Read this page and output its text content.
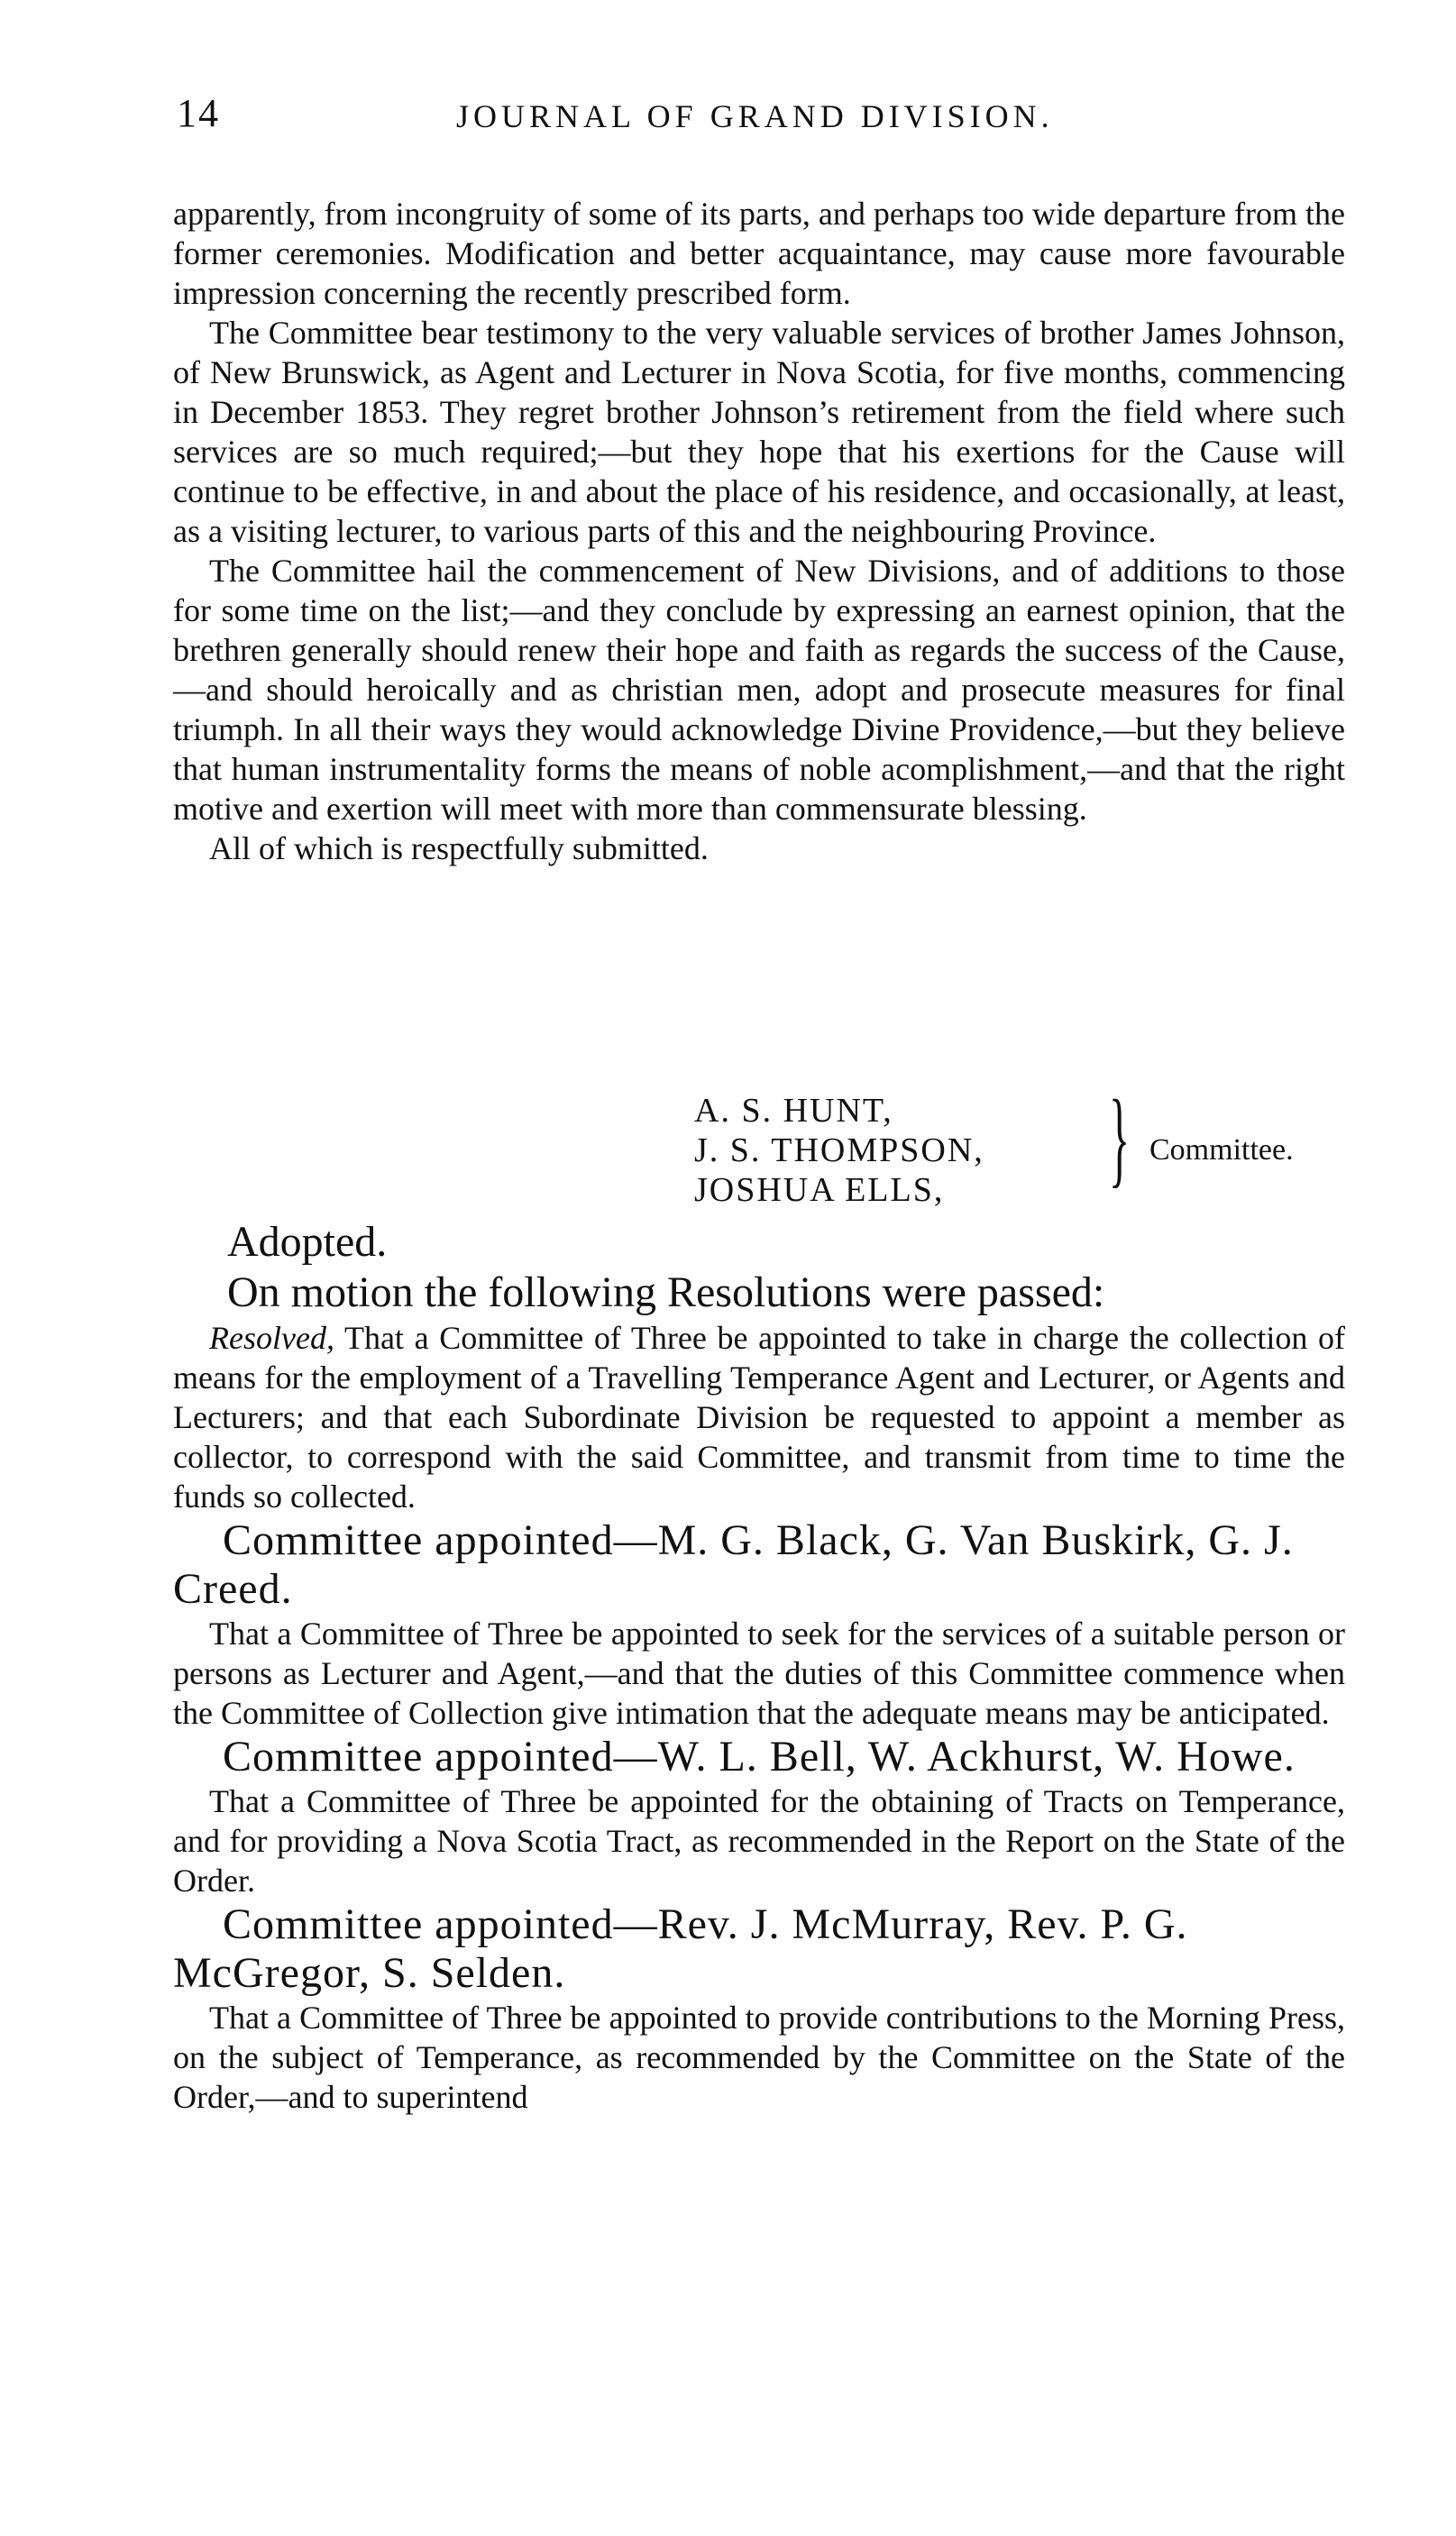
14	JOURNAL OF GRAND DIVISION.

apparently, from incongruity of some of its parts, and perhaps too wide departure from the former ceremonies. Modification and better acquaintance, may cause more favourable impression concerning the recently prescribed form.

The Committee bear testimony to the very valuable services of brother James Johnson, of New Brunswick, as Agent and Lecturer in Nova Scotia, for five months, commencing in December 1853. They regret brother Johnson’s retirement from the field where such services are so much required;—but they hope that his exertions for the Cause will continue to be effective, in and about the place of his residence, and occasionally, at least, as a visiting lecturer, to various parts of this and the neighbouring Province.

The Committee hail the commencement of New Divisions, and of additions to those for some time on the list;—and they conclude by expressing an earnest opinion, that the brethren generally should renew their hope and faith as regards the success of the Cause,—and should heroically and as christian men, adopt and prosecute measures for final triumph. In all their ways they would acknowledge Divine Providence,—but they believe that human instrumentality forms the means of noble acomplishment,—and that the right motive and exertion will meet with more than commensurate blessing.

All of which is respectfully submitted.

A. S. HUNT,
J. S. THOMPSON,
JOSHUA ELLS,	} Committee.

Adopted.

On motion the following Resolutions were passed:

Resolved, That a Committee of Three be appointed to take in charge the collection of means for the employment of a Travelling Temperance Agent and Lecturer, or Agents and Lecturers; and that each Subordinate Division be requested to appoint a member as collector, to correspond with the said Committee, and transmit from time to time the funds so collected.

Committee appointed—M. G. Black, G. Van Buskirk, G. J. Creed.

That a Committee of Three be appointed to seek for the services of a suitable person or persons as Lecturer and Agent,—and that the duties of this Committee commence when the Committee of Collection give intimation that the adequate means may be anticipated.

Committee appointed—W. L. Bell, W. Ackhurst, W. Howe.

That a Committee of Three be appointed for the obtaining of Tracts on Temperance, and for providing a Nova Scotia Tract, as recommended in the Report on the State of the Order.

Committee appointed—Rev. J. McMurray, Rev. P. G. McGregor, S. Selden.

That a Committee of Three be appointed to provide contributions to the Morning Press, on the subject of Temperance, as recommended by the Committee on the State of the Order,—and to superintend
